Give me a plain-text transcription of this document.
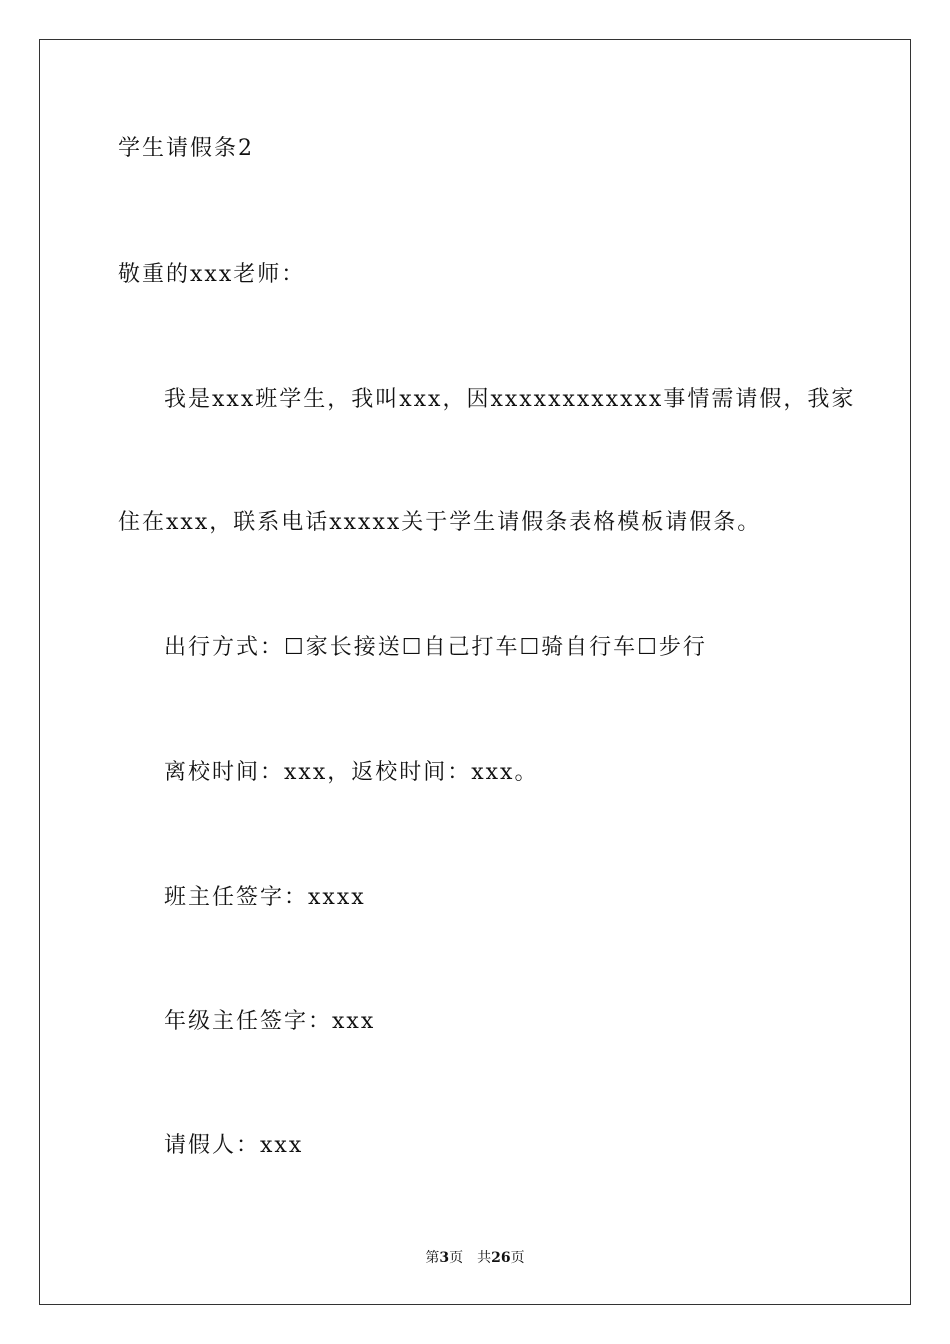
学生请假条2
敬重的xxx老师：
我是xxx班学生，我叫xxx，因xxxxxxxxxxxx事情需请假，我家
住在xxx，联系电话xxxxx关于学生请假条表格模板请假条。
出行方式：☐家长接送☐自己打车☐骑自行车☐步行
离校时间：xxx，返校时间：xxx。
班主任签字：xxxx
年级主任签字：xxx
请假人：xxx
第3页 共26页
